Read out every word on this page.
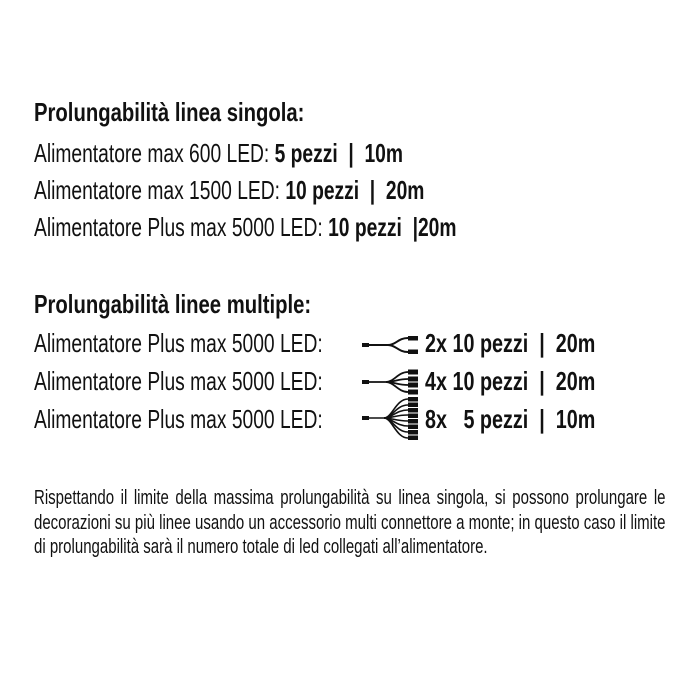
Prolungabilità linea singola:
Alimentatore max 600 LED: 5 pezzi  |  10m
Alimentatore max 1500 LED: 10 pezzi  |  20m
Alimentatore Plus max 5000 LED: 10 pezzi  |20m
Prolungabilità linee multiple:
Alimentatore Plus max 5000 LED:
Alimentatore Plus max 5000 LED:
Alimentatore Plus max 5000 LED:
2x 10 pezzi  |  20m
4x 10 pezzi  |  20m
8x   5 pezzi  |  10m
Rispettando il limite della massima prolungabilità su linea singola, si possono prolungare le decorazioni su più linee usando un accessorio multi connettore a monte; in questo caso il limite di prolungabilità sarà il numero totale di led collegati all’alimentatore.
